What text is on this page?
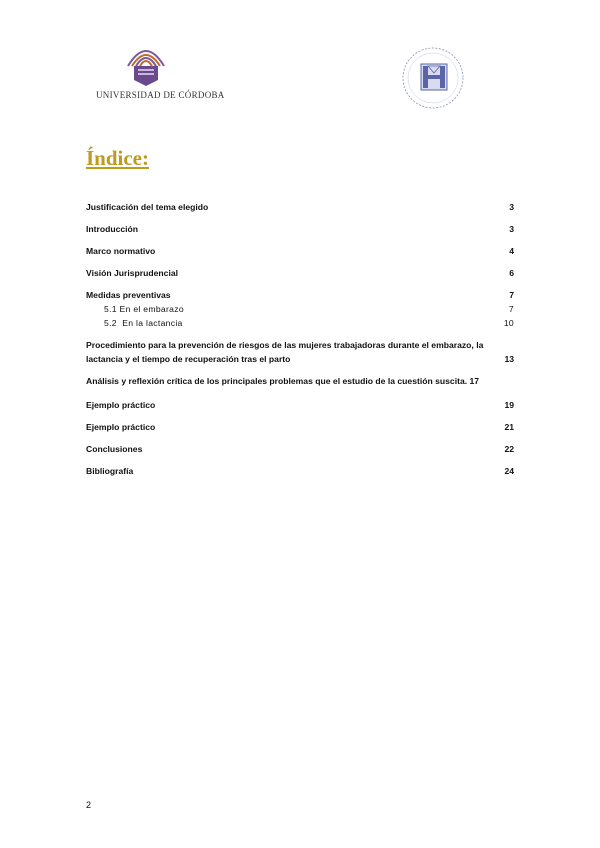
UNIVERSIDAD DE CÓRDOBA
Índice:
Justificación del tema elegido	3
Introducción	3
Marco normativo	4
Visión Jurisprudencial	6
Medidas preventivas	7
5.1 En el embarazo	7
5.2  En la lactancia	10
Procedimiento para la prevención de riesgos de las mujeres trabajadoras durante el embarazo, la lactancia y el tiempo de recuperación tras el parto	13
Análisis y reflexión crítica de los principales problemas que el estudio de la cuestión suscita. 17
Ejemplo práctico	19
Ejemplo práctico	21
Conclusiones	22
Bibliografía	24
2
